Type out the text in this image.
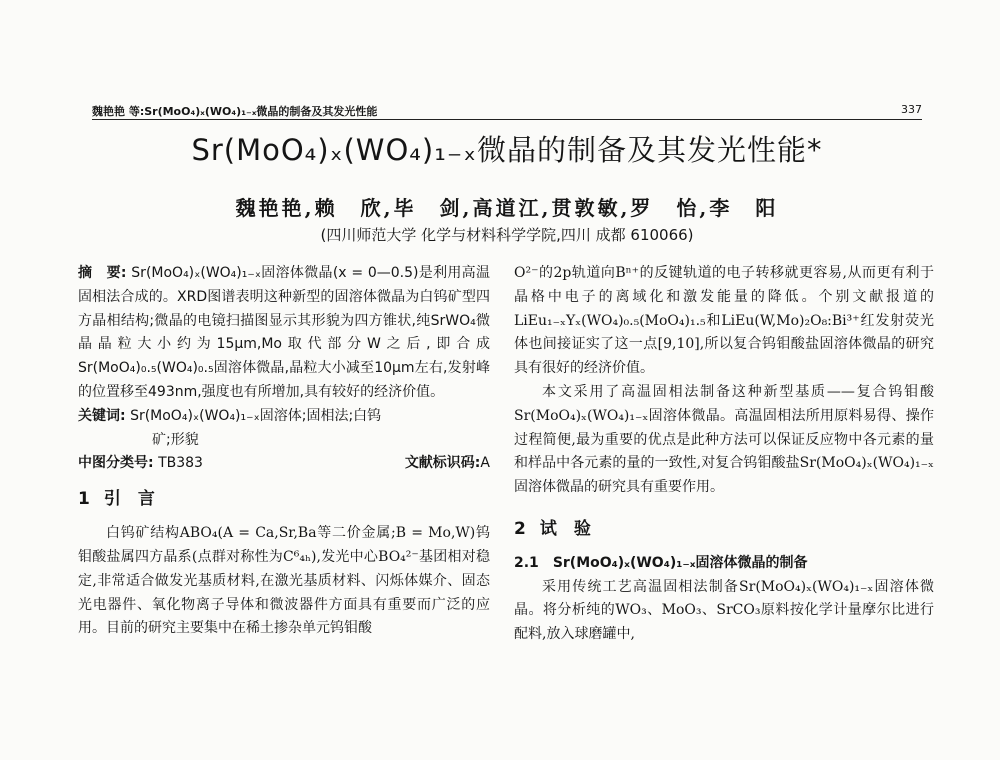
魏艳艳 等:Sr(MoO₄)ₓ(WO₄)₁₋ₓ微晶的制备及其发光性能	337
Sr(MoO₄)ₓ(WO₄)₁₋ₓ微晶的制备及其发光性能*
魏艳艳,赖　欣,毕　剑,高道江,贯敦敏,罗　怡,李　阳
(四川师范大学 化学与材料科学学院,四川 成都 610066)

摘　要: Sr(MoO₄)ₓ(WO₄)₁₋ₓ固溶体微晶(x = 0—0.5)是利用高温固相法合成的。XRD图谱表明这种新型的固溶体微晶为白钨矿型四方晶相结构;微晶的电镜扫描图显示其形貌为四方锥状,纯SrWO₄微晶晶粒大小约为15μm,Mo取代部分W之后,即合成Sr(MoO₄)₀.₅(WO₄)₀.₅固溶体微晶,晶粒大小减至10μm左右,发射峰的位置移至493nm,强度也有所增加,具有较好的经济价值。

关键词: Sr(MoO₄)ₓ(WO₄)₁₋ₓ固溶体;固相法;白钨

矿;形貌

中图分类号: TB383	文献标识码:A
1 引　言

白钨矿结构ABO₄(A = Ca,Sr,Ba等二价金属;B = Mo,W)钨钼酸盐属四方晶系(点群对称性为C⁶₄ₕ),发光中心BO₄²⁻基团相对稳定,非常适合做发光基质材料,在激光基质材料、闪烁体媒介、固态光电器件、氧化物离子导体和微波器件方面具有重要而广泛的应用。目前的研究主要集中在稀土掺杂单元钨钼酸

O²⁻的2p轨道向Bⁿ⁺的反键轨道的电子转移就更容易,从而更有利于晶格中电子的离域化和激发能量的降低。个别文献报道的LiEu₁₋ₓYₓ(WO₄)₀.₅(MoO₄)₁.₅和LiEu(W,Mo)₂O₈:Bi³⁺红发射荧光体也间接证实了这一点[9,10],所以复合钨钼酸盐固溶体微晶的研究具有很好的经济价值。

本文采用了高温固相法制备这种新型基质——复合钨钼酸Sr(MoO₄)ₓ(WO₄)₁₋ₓ固溶体微晶。高温固相法所用原料易得、操作过程简便,最为重要的优点是此种方法可以保证反应物中各元素的量和样品中各元素的量的一致性,对复合钨钼酸盐Sr(MoO₄)ₓ(WO₄)₁₋ₓ固溶体微晶的研究具有重要作用。

2 试　验

2.1　 Sr(MoO₄)ₓ(WO₄)₁₋ₓ固溶体微晶的制备

采用传统工艺高温固相法制备Sr(MoO₄)ₓ(WO₄)₁₋ₓ固溶体微晶。将分析纯的WO₃、MoO₃、SrCO₃原料按化学计量摩尔比进行配料,放入球磨罐中,
